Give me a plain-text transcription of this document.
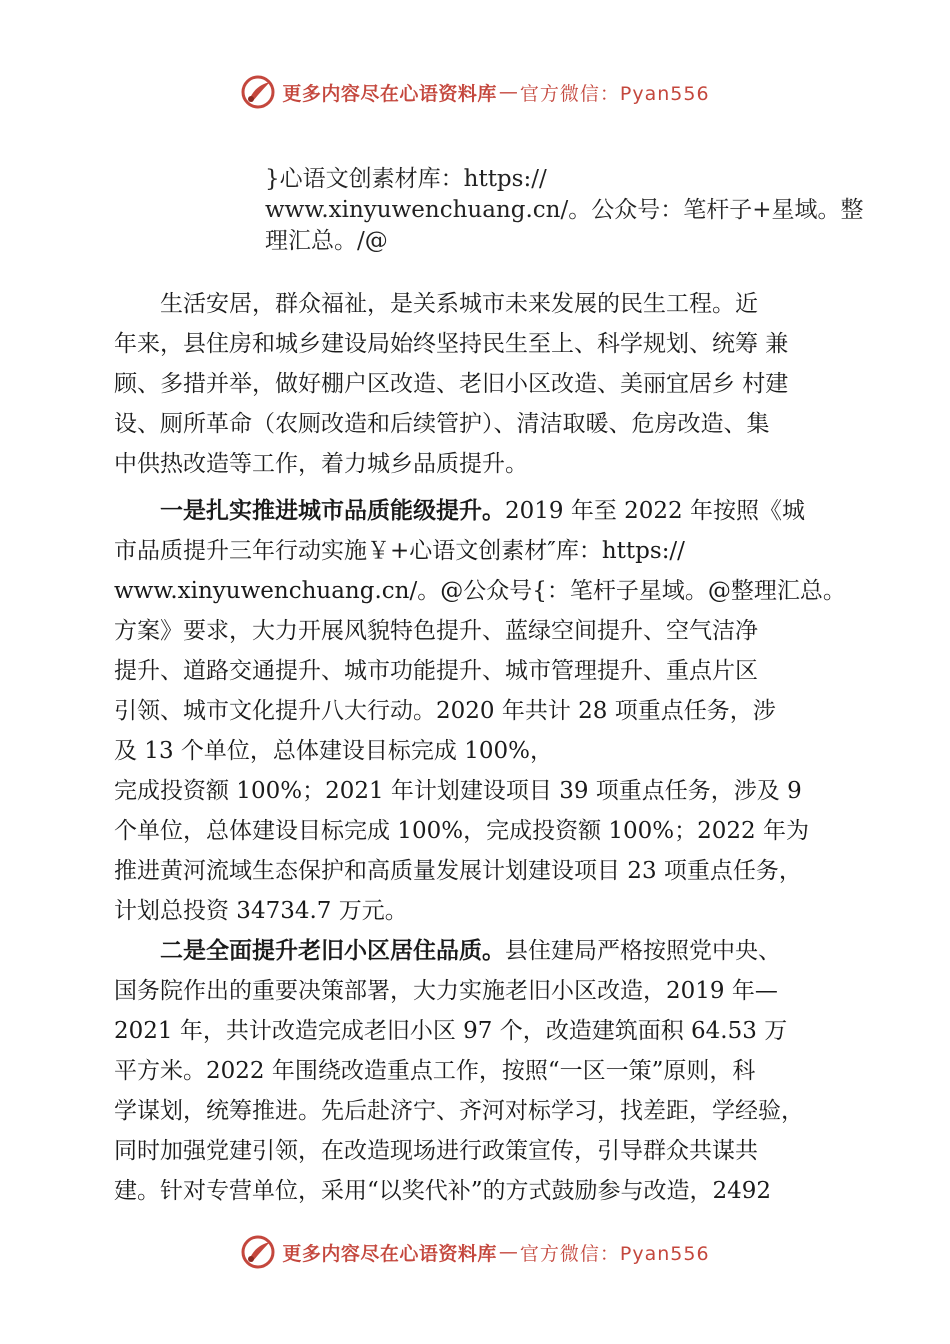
更多内容尽在心语资料库 — 官方微信：Pyan556
}心语文创素材库：https://
www.xinyuwenchuang.cn/。公众号：笔杆子+星域。整
理汇总。/@
生活安居，群众福祉，是关系城市未来发展的民生工程。近
年来，县住房和城乡建设局始终坚持民生至上、科学规划、统筹 兼
顾、多措并举，做好棚户区改造、老旧小区改造、美丽宜居乡 村建
设、厕所革命（农厕改造和后续管护）、清洁取暖、危房改造、集
中供热改造等工作，着力城乡品质提升。
一是扎实推进城市品质能级提升。2019 年至 2022 年按照《城
市品质提升三年行动实施￥+心语文创素材″库：https://
www.xinyuwenchuang.cn/。@公众号{：笔杆子星域。@整理汇总。
方案》要求，大力开展风貌特色提升、蓝绿空间提升、空气洁净
提升、道路交通提升、城市功能提升、城市管理提升、重点片区
引领、城市文化提升八大行动。2020 年共计 28 项重点任务，涉
及 13 个单位，总体建设目标完成 100%，
完成投资额 100%；2021 年计划建设项目 39 项重点任务，涉及 9
个单位，总体建设目标完成 100%，完成投资额 100%；2022 年为
推进黄河流域生态保护和高质量发展计划建设项目 23 项重点任务，
计划总投资 34734.7 万元。
二是全面提升老旧小区居住品质。县住建局严格按照党中央、
国务院作出的重要决策部署，大力实施老旧小区改造，2019 年—
2021 年，共计改造完成老旧小区 97 个，改造建筑面积 64.53 万
平方米。2022 年围绕改造重点工作，按照“一区一策”原则，科
学谋划，统筹推进。先后赴济宁、齐河对标学习，找差距，学经验，
同时加强党建引领，在改造现场进行政策宣传，引导群众共谋共
建。针对专营单位，采用“以奖代补”的方式鼓励参与改造，2492
更多内容尽在心语资料库 — 官方微信：Pyan556
